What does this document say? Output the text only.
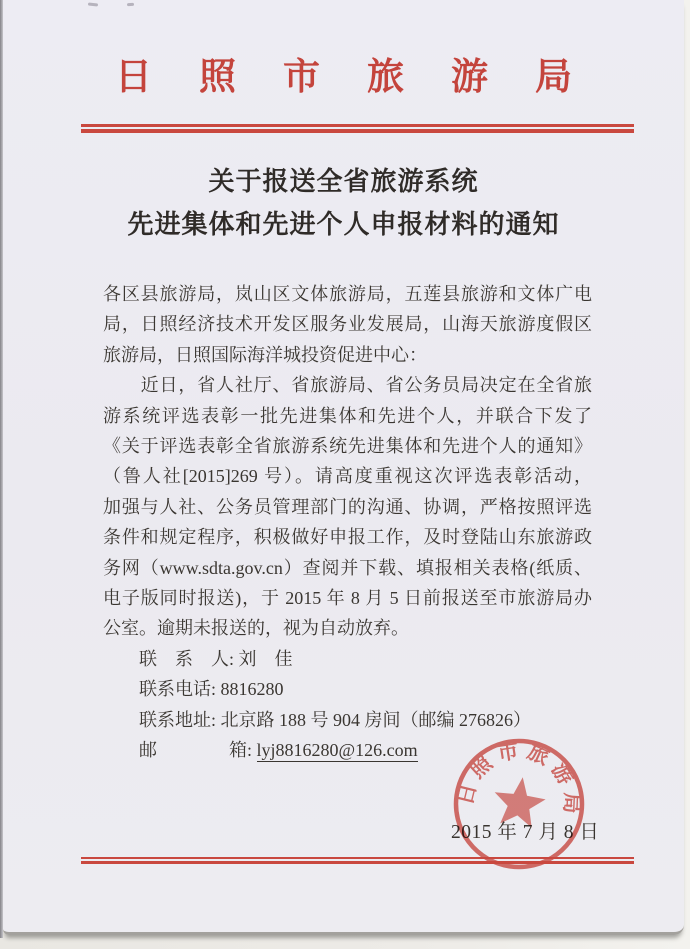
日照市旅游局
关于报送全省旅游系统
先进集体和先进个人申报材料的通知
各区县旅游局，岚山区文体旅游局，五莲县旅游和文体广电
局，日照经济技术开发区服务业发展局，山海天旅游度假区
旅游局，日照国际海洋城投资促进中心：
　　近日，省人社厅、省旅游局、省公务员局决定在全省旅
游系统评选表彰一批先进集体和先进个人，并联合下发了
《关于评选表彰全省旅游系统先进集体和先进个人的通知》
（鲁人社[2015]269 号）。请高度重视这次评选表彰活动，
加强与人社、公务员管理部门的沟通、协调，严格按照评选
条件和规定程序，积极做好申报工作，及时登陆山东旅游政
务网（www.sdta.gov.cn）查阅并下载、填报相关表格(纸质、
电子版同时报送)，于 2015 年 8 月 5 日前报送至市旅游局办
公室。逾期未报送的，视为自动放弃。
　　联　系　人: 刘　佳
　　联系电话: 8816280
　　联系地址: 北京路 188 号 904 房间（邮编 276826）
　　邮　　　　箱: lyj8816280@126.com
2015 年 7 月 8 日
日照市旅游局
